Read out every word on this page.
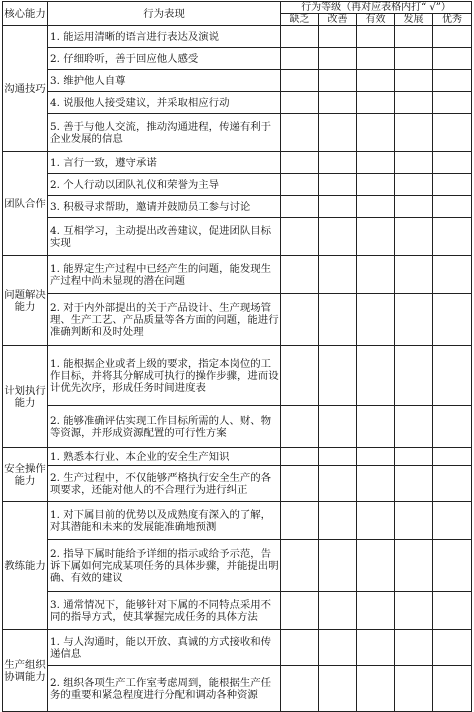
核心能力	行为表现	行为等级（再对应表格内打“ √”）				
		缺乏	改善	有效	发展	优秀
沟通技巧	1. 能运用清晰的语言进行表达及演说					
	2. 仔细聆听，善于回应他人感受					
	3. 维护他人自尊					
	4. 说服他人接受建议，并采取相应行动					
	5. 善于与他人交流，推动沟通进程，传递有利于企业发展的信息					
团队合作	1. 言行一致，遵守承诺					
	2. 个人行动以团队礼仪和荣誉为主导					
	3. 积极寻求帮助，邀请并鼓励员工参与讨论					
	4. 互相学习，主动提出改善建议，促进团队目标实现					
问题解决能力	1. 能界定生产过程中已经产生的问题，能发现生产过程中尚未显现的潜在问题					
	2. 对于内外部提出的关于产品设计、生产现场管理、生产工艺、产品质量等各方面的问题，能进行准确判断和及时处理					
计划执行能力	1. 能根据企业或者上级的要求，指定本岗位的工作目标，并将其分解成可执行的操作步骤，进而设计优先次序，形成任务时间进度表					
	2. 能够准确评估实现工作目标所需的人、财、物等资源，并形成资源配置的可行性方案					
安全操作能力	1. 熟悉本行业、本企业的安全生产知识					
	2. 生产过程中，不仅能够严格执行安全生产的各项要求，还能对他人的不合理行为进行纠正					
教练能力	1. 对下属目前的优势以及成熟度有深入的了解，对其潜能和未来的发展能准确地预测					
	2. 指导下属时能给予详细的指示或给予示范，告诉下属如何完成某项任务的具体步骤，并能提出明确、有效的建议					
	3. 通常情况下，能够针对下属的不同特点采用不同的指导方式，使其掌握完成任务的具体方法					
生产组织协调能力	1. 与人沟通时，能以开放、真诚的方式接收和传递信息					
	2. 组织各项生产工作室考虑周到，能根据生产任务的重要和紧急程度进行分配和调动各种资源					
